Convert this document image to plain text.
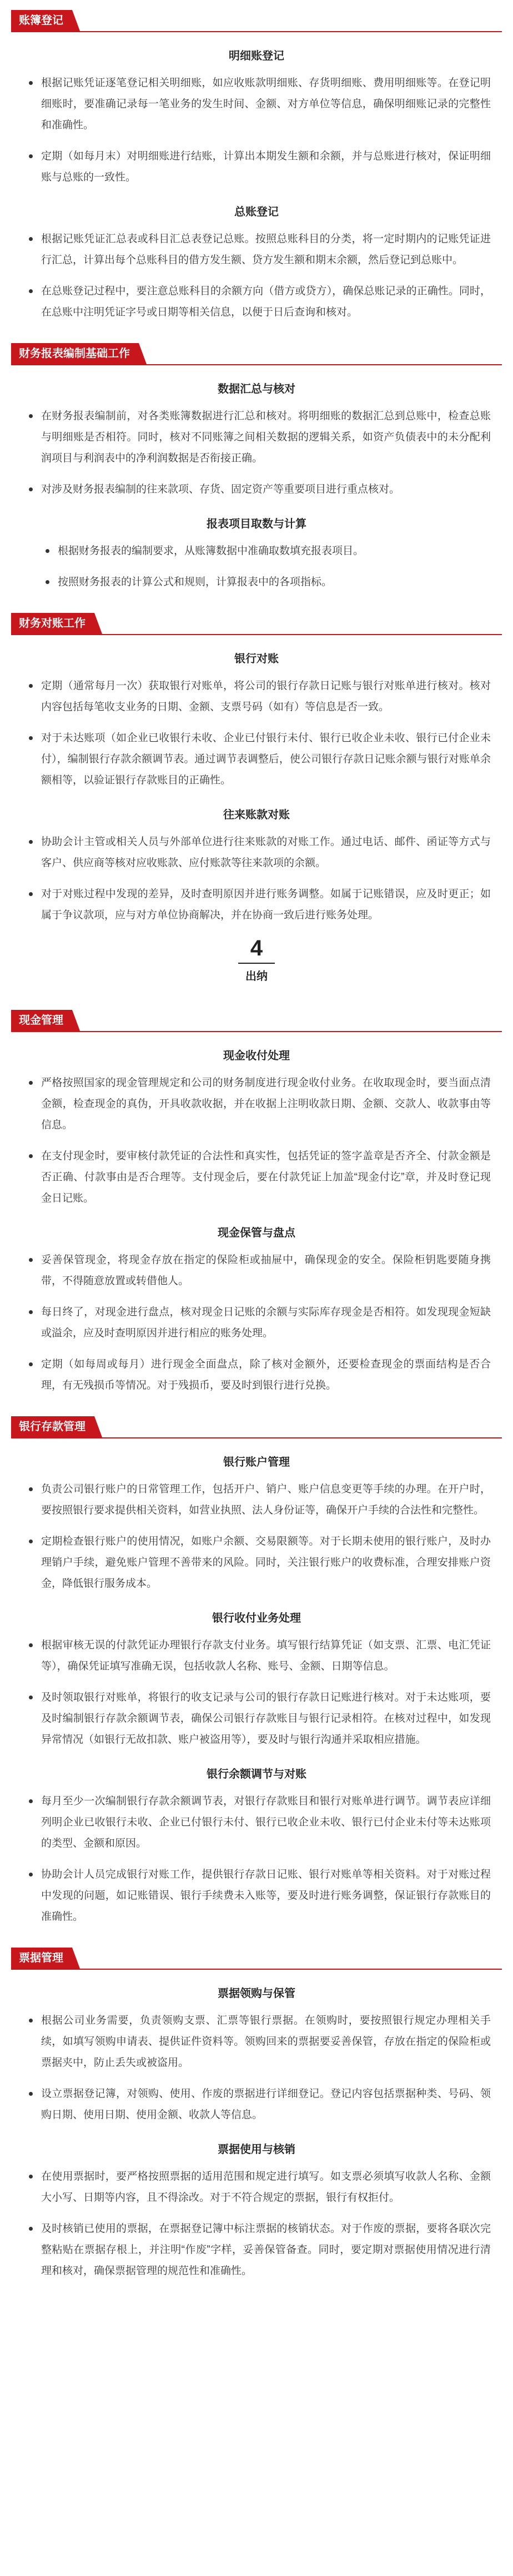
账簿登记
明细账登记
根据记账凭证逐笔登记相关明细账，如应收账款明细账、存货明细账、费用明细账等。在登记明细账时，要准确记录每一笔业务的发生时间、金额、对方单位等信息，确保明细账记录的完整性和准确性。
定期（如每月末）对明细账进行结账，计算出本期发生额和余额，并与总账进行核对，保证明细账与总账的一致性。
总账登记
根据记账凭证汇总表或科目汇总表登记总账。按照总账科目的分类，将一定时期内的记账凭证进行汇总，计算出每个总账科目的借方发生额、贷方发生额和期末余额，然后登记到总账中。
在总账登记过程中，要注意总账科目的余额方向（借方或贷方），确保总账记录的正确性。同时，在总账中注明凭证字号或日期等相关信息，以便于日后查询和核对。
财务报表编制基础工作
数据汇总与核对
在财务报表编制前，对各类账簿数据进行汇总和核对。将明细账的数据汇总到总账中，检查总账与明细账是否相符。同时，核对不同账簿之间相关数据的逻辑关系，如资产负债表中的未分配利润项目与利润表中的净利润数据是否衔接正确。
对涉及财务报表编制的往来款项、存货、固定资产等重要项目进行重点核对。
报表项目取数与计算
根据财务报表的编制要求，从账簿数据中准确取数填充报表项目。
按照财务报表的计算公式和规则，计算报表中的各项指标。
财务对账工作
银行对账
定期（通常每月一次）获取银行对账单，将公司的银行存款日记账与银行对账单进行核对。核对内容包括每笔收支业务的日期、金额、支票号码（如有）等信息是否一致。
对于未达账项（如企业已收银行未收、企业已付银行未付、银行已收企业未收、银行已付企业未付），编制银行存款余额调节表。通过调节表调整后，使公司银行存款日记账余额与银行对账单余额相等，以验证银行存款账目的正确性。
往来账款对账
协助会计主管或相关人员与外部单位进行往来账款的对账工作。通过电话、邮件、函证等方式与客户、供应商等核对应收账款、应付账款等往来款项的余额。
对于对账过程中发现的差异，及时查明原因并进行账务调整。如属于记账错误，应及时更正；如属于争议款项，应与对方单位协商解决，并在协商一致后进行账务处理。
4
出纳
现金管理
现金收付处理
严格按照国家的现金管理规定和公司的财务制度进行现金收付业务。在收取现金时，要当面点清金额，检查现金的真伪，开具收款收据，并在收据上注明收款日期、金额、交款人、收款事由等信息。
在支付现金时，要审核付款凭证的合法性和真实性，包括凭证的签字盖章是否齐全、付款金额是否正确、付款事由是否合理等。支付现金后，要在付款凭证上加盖“现金付讫”章，并及时登记现金日记账。
现金保管与盘点
妥善保管现金，将现金存放在指定的保险柜或抽屉中，确保现金的安全。保险柜钥匙要随身携带，不得随意放置或转借他人。
每日终了，对现金进行盘点，核对现金日记账的余额与实际库存现金是否相符。如发现现金短缺或溢余，应及时查明原因并进行相应的账务处理。
定期（如每周或每月）进行现金全面盘点，除了核对金额外，还要检查现金的票面结构是否合理，有无残损币等情况。对于残损币，要及时到银行进行兑换。
银行存款管理
银行账户管理
负责公司银行账户的日常管理工作，包括开户、销户、账户信息变更等手续的办理。在开户时，要按照银行要求提供相关资料，如营业执照、法人身份证等，确保开户手续的合法性和完整性。
定期检查银行账户的使用情况，如账户余额、交易限额等。对于长期未使用的银行账户，及时办理销户手续，避免账户管理不善带来的风险。同时，关注银行账户的收费标准，合理安排账户资金，降低银行服务成本。
银行收付业务处理
根据审核无误的付款凭证办理银行存款支付业务。填写银行结算凭证（如支票、汇票、电汇凭证等），确保凭证填写准确无误，包括收款人名称、账号、金额、日期等信息。
及时领取银行对账单，将银行的收支记录与公司的银行存款日记账进行核对。对于未达账项，要及时编制银行存款余额调节表，确保公司银行存款账目与银行记录相符。在核对过程中，如发现异常情况（如银行无故扣款、账户被盗用等），要及时与银行沟通并采取相应措施。
银行余额调节与对账
每月至少一次编制银行存款余额调节表，对银行存款账目和银行对账单进行调节。调节表应详细列明企业已收银行未收、企业已付银行未付、银行已收企业未收、银行已付企业未付等未达账项的类型、金额和原因。
协助会计人员完成银行对账工作，提供银行存款日记账、银行对账单等相关资料。对于对账过程中发现的问题，如记账错误、银行手续费未入账等，要及时进行账务调整，保证银行存款账目的准确性。
票据管理
票据领购与保管
根据公司业务需要，负责领购支票、汇票等银行票据。在领购时，要按照银行规定办理相关手续，如填写领购申请表、提供证件资料等。领购回来的票据要妥善保管，存放在指定的保险柜或票据夹中，防止丢失或被盗用。
设立票据登记簿，对领购、使用、作废的票据进行详细登记。登记内容包括票据种类、号码、领购日期、使用日期、使用金额、收款人等信息。
票据使用与核销
在使用票据时，要严格按照票据的适用范围和规定进行填写。如支票必须填写收款人名称、金额大小写、日期等内容，且不得涂改。对于不符合规定的票据，银行有权拒付。
及时核销已使用的票据，在票据登记簿中标注票据的核销状态。对于作废的票据，要将各联次完整粘贴在票据存根上，并注明“作废”字样，妥善保管备查。同时，要定期对票据使用情况进行清理和核对，确保票据管理的规范性和准确性。
